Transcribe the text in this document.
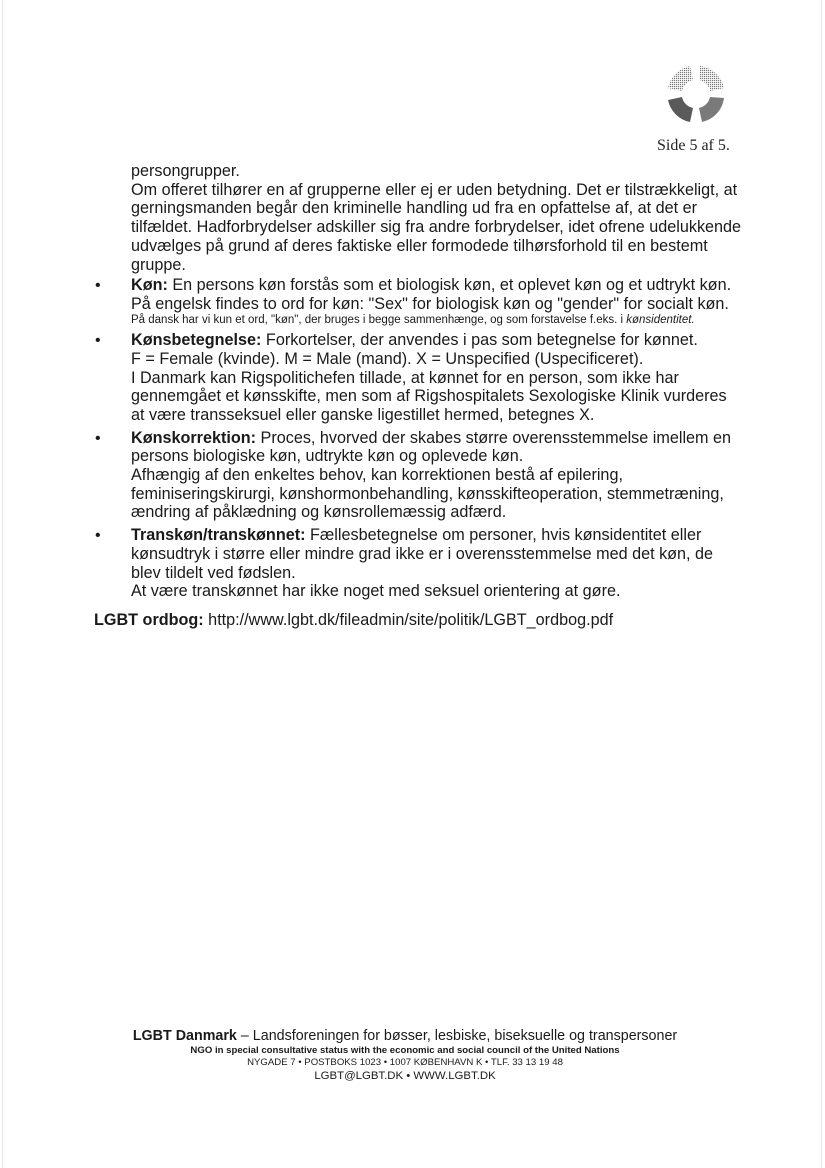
Side 5 af 5.
persongrupper.
Om offeret tilhører en af grupperne eller ej er uden betydning. Det er tilstrækkeligt, at gerningsmanden begår den kriminelle handling ud fra en opfattelse af, at det er tilfældet. Hadforbrydelser adskiller sig fra andre forbrydelser, idet ofrene udelukkende udvælges på grund af deres faktiske eller formodede tilhørsforhold til en bestemt gruppe.
• Køn: En persons køn forstås som et biologisk køn, et oplevet køn og et udtrykt køn. På engelsk findes to ord for køn: "Sex" for biologisk køn og "gender" for socialt køn.
På dansk har vi kun et ord, "køn", der bruges i begge sammenhænge, og som forstavelse f.eks. i kønsidentitet.
• Kønsbetegnelse: Forkortelser, der anvendes i pas som betegnelse for kønnet.
F = Female (kvinde). M = Male (mand). X = Unspecified (Uspecificeret).
I Danmark kan Rigspolitichefen tillade, at kønnet for en person, som ikke har gennemgået et kønsskifte, men som af Rigshospitalets Sexologiske Klinik vurderes at være transseksuel eller ganske ligestillet hermed, betegnes X.
• Kønskorrektion: Proces, hvorved der skabes større overensstemmelse imellem en persons biologiske køn, udtrykte køn og oplevede køn.
Afhængig af den enkeltes behov, kan korrektionen bestå af epilering, feminiseringskirurgi, kønshormonbehandling, kønsskifteoperation, stemmetræning, ændring af påklædning og kønsrollemæssig adfærd.
• Transkøn/transkønnet: Fællesbetegnelse om personer, hvis kønsidentitet eller kønsudtryk i større eller mindre grad ikke er i overensstemmelse med det køn, de blev tildelt ved fødslen.
At være transkønnet har ikke noget med seksuel orientering at gøre.
LGBT ordbog: http://www.lgbt.dk/fileadmin/site/politik/LGBT_ordbog.pdf
LGBT Danmark – Landsforeningen for bøsser, lesbiske, biseksuelle og transpersoner
NGO in special consultative status with the economic and social council of the United Nations
NYGADE 7 • POSTBOKS 1023 • 1007 KØBENHAVN K • TLF. 33 13 19 48
LGBT@LGBT.DK • WWW.LGBT.DK
